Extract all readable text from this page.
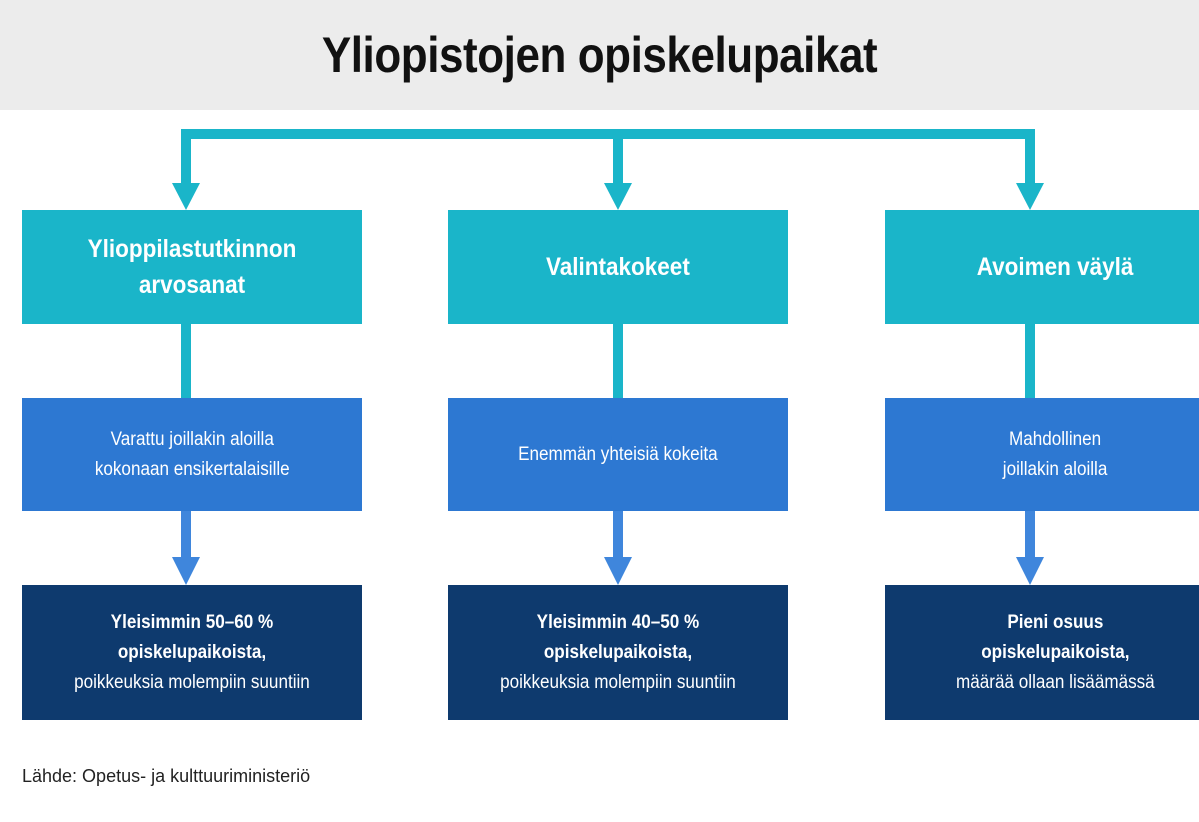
Yliopistojen opiskelupaikat
Ylioppilastutkinnon
arvosanat
Varattu joillakin aloilla
kokonaan ensikertalaisille
Yleisimmin 50–60 %
opiskelupaikoista,
poikkeuksia molempiin suuntiin
Valintakokeet
Enemmän yhteisiä kokeita
Yleisimmin 40–50 %
opiskelupaikoista,
poikkeuksia molempiin suuntiin
Avoimen väylä
Mahdollinen
joillakin aloilla
Pieni osuus
opiskelupaikoista,
määrää ollaan lisäämässä
Lähde: Opetus- ja kulttuuriministeriö
